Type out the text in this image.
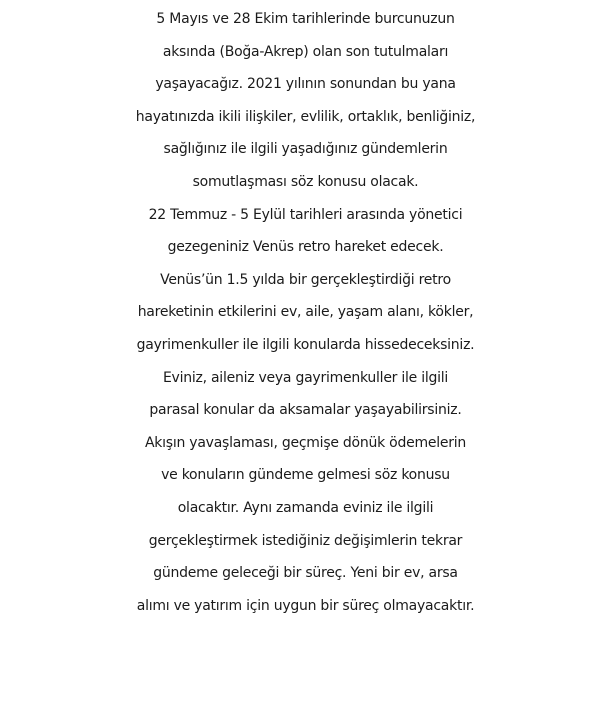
5 Mayıs ve 28 Ekim tarihlerinde burcunuzun
aksında (Boğa-Akrep) olan son tutulmaları
yaşayacağız. 2021 yılının sonundan bu yana
hayatınızda ikili ilişkiler, evlilik, ortaklık, benliğiniz,
sağlığınız ile ilgili yaşadığınız gündemlerin
somutlaşması söz konusu olacak.
22 Temmuz - 5 Eylül tarihleri arasında yönetici
gezegeniniz Venüs retro hareket edecek.
Venüs’ün 1.5 yılda bir gerçekleştirdiği retro
hareketinin etkilerini ev, aile, yaşam alanı, kökler,
gayrimenkuller ile ilgili konularda hissedeceksiniz.
Eviniz, aileniz veya gayrimenkuller ile ilgili
parasal konular da aksamalar yaşayabilirsiniz.
Akışın yavaşlaması, geçmişe dönük ödemelerin
ve konuların gündeme gelmesi söz konusu
olacaktır. Aynı zamanda eviniz ile ilgili
gerçekleştirmek istediğiniz değişimlerin tekrar
gündeme geleceği bir süreç. Yeni bir ev, arsa
alımı ve yatırım için uygun bir süreç olmayacaktır.
